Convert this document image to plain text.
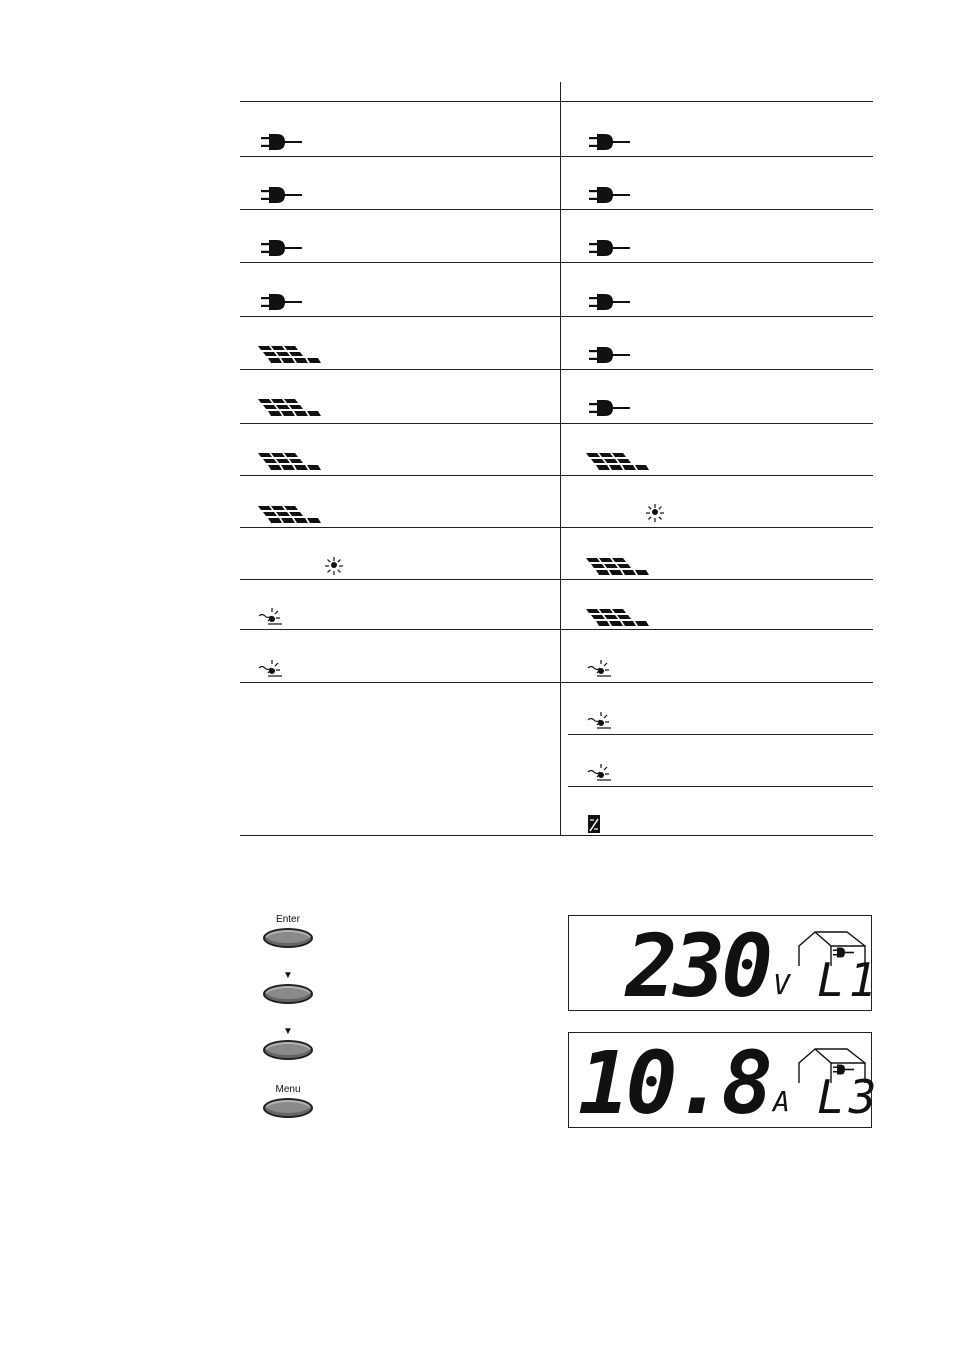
Enter
▼
▼
Menu
230 V L1
10.8 A L3
